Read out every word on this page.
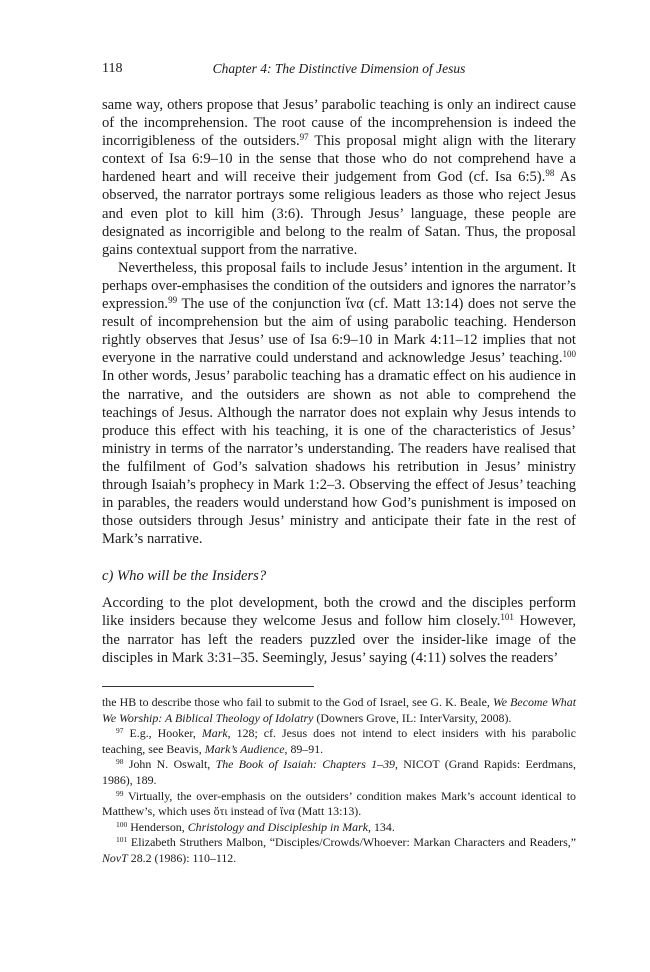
118	Chapter 4: The Distinctive Dimension of Jesus

same way, others propose that Jesus’ parabolic teaching is only an indirect cause of the incomprehension. The root cause of the incomprehension is indeed the incorrigibleness of the outsiders.$^{97}$ This proposal might align with the literary context of Isa 6:9–10 in the sense that those who do not comprehend have a hardened heart and will receive their judgement from God (cf. Isa 6:5).$^{98}$ As observed, the narrator portrays some religious leaders as those who reject Jesus and even plot to kill him (3:6). Through Jesus’ language, these people are designated as incorrigible and belong to the realm of Satan. Thus, the proposal gains contextual support from the narrative.

Nevertheless, this proposal fails to include Jesus’ intention in the argument. It perhaps over-emphasises the condition of the outsiders and ignores the narrator’s expression.$^{99}$ The use of the conjunction ἵνα (cf. Matt 13:14) does not serve the result of incomprehension but the aim of using parabolic teaching. Henderson rightly observes that Jesus’ use of Isa 6:9–10 in Mark 4:11–12 implies that not everyone in the narrative could understand and acknowledge Jesus’ teaching.$^{100}$ In other words, Jesus’ parabolic teaching has a dramatic effect on his audience in the narrative, and the outsiders are shown as not able to comprehend the teachings of Jesus. Although the narrator does not explain why Jesus intends to produce this effect with his teaching, it is one of the characteristics of Jesus’ ministry in terms of the narrator’s understanding. The readers have realised that the fulfilment of God’s salvation shadows his retribution in Jesus’ ministry through Isaiah’s prophecy in Mark 1:2–3. Observing the effect of Jesus’ teaching in parables, the readers would understand how God’s punishment is imposed on those outsiders through Jesus’ ministry and anticipate their fate in the rest of Mark’s narrative.

c) Who will be the Insiders?

According to the plot development, both the crowd and the disciples perform like insiders because they welcome Jesus and follow him closely.$^{101}$ However, the narrator has left the readers puzzled over the insider-like image of the disciples in Mark 3:31–35. Seemingly, Jesus’ saying (4:11) solves the readers’

the HB to describe those who fail to submit to the God of Israel, see G. K. Beale, We Become What We Worship: A Biblical Theology of Idolatry (Downers Grove, IL: InterVarsity, 2008).

$^{97}$ E.g., Hooker, Mark, 128; cf. Jesus does not intend to elect insiders with his parabolic teaching, see Beavis, Mark’s Audience, 89–91.

$^{98}$ John N. Oswalt, The Book of Isaiah: Chapters 1–39, NICOT (Grand Rapids: Eerdmans, 1986), 189.

$^{99}$ Virtually, the over-emphasis on the outsiders’ condition makes Mark’s account identical to Matthew’s, which uses ὅτι instead of ἵνα (Matt 13:13).

$^{100}$ Henderson, Christology and Discipleship in Mark, 134.

$^{101}$ Elizabeth Struthers Malbon, “Disciples/Crowds/Whoever: Markan Characters and Readers,” NovT 28.2 (1986): 110–112.
